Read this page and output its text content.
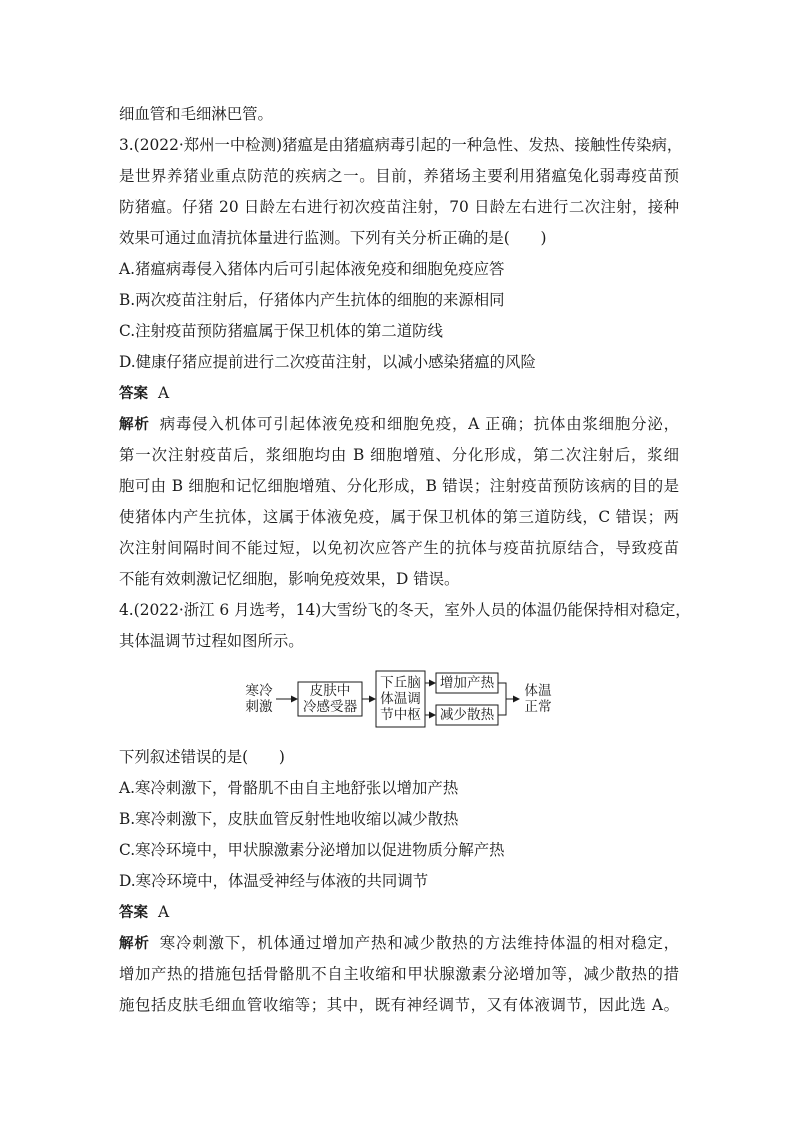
细血管和毛细淋巴管。
3.(2022·郑州一中检测)猪瘟是由猪瘟病毒引起的一种急性、发热、接触性传染病，
是世界养猪业重点防范的疾病之一。目前，养猪场主要利用猪瘟兔化弱毒疫苗预
防猪瘟。仔猪 20 日龄左右进行初次疫苗注射，70 日龄左右进行二次注射，接种
效果可通过血清抗体量进行监测。下列有关分析正确的是(　　)
A.猪瘟病毒侵入猪体内后可引起体液免疫和细胞免疫应答
B.两次疫苗注射后，仔猪体内产生抗体的细胞的来源相同
C.注射疫苗预防猪瘟属于保卫机体的第二道防线
D.健康仔猪应提前进行二次疫苗注射，以减小感染猪瘟的风险
答案 A
解析 病毒侵入机体可引起体液免疫和细胞免疫，A 正确；抗体由浆细胞分泌，
第一次注射疫苗后，浆细胞均由 B 细胞增殖、分化形成，第二次注射后，浆细
胞可由 B 细胞和记忆细胞增殖、分化形成，B 错误；注射疫苗预防该病的目的是
使猪体内产生抗体，这属于体液免疫，属于保卫机体的第三道防线，C 错误；两
次注射间隔时间不能过短，以免初次应答产生的抗体与疫苗抗原结合，导致疫苗
不能有效刺激记忆细胞，影响免疫效果，D 错误。
4.(2022·浙江 6 月选考，14)大雪纷飞的冬天，室外人员的体温仍能保持相对稳定，
其体温调节过程如图所示。
寒冷
刺激
皮肤中
冷感受器
下丘脑
体温调
节中枢
增加产热
减少散热
体温
正常
下列叙述错误的是(　　)
A.寒冷刺激下，骨骼肌不由自主地舒张以增加产热
B.寒冷刺激下，皮肤血管反射性地收缩以减少散热
C.寒冷环境中，甲状腺激素分泌增加以促进物质分解产热
D.寒冷环境中，体温受神经与体液的共同调节
答案 A
解析 寒冷刺激下，机体通过增加产热和减少散热的方法维持体温的相对稳定，
增加产热的措施包括骨骼肌不自主收缩和甲状腺激素分泌增加等，减少散热的措
施包括皮肤毛细血管收缩等；其中，既有神经调节，又有体液调节，因此选 A。
